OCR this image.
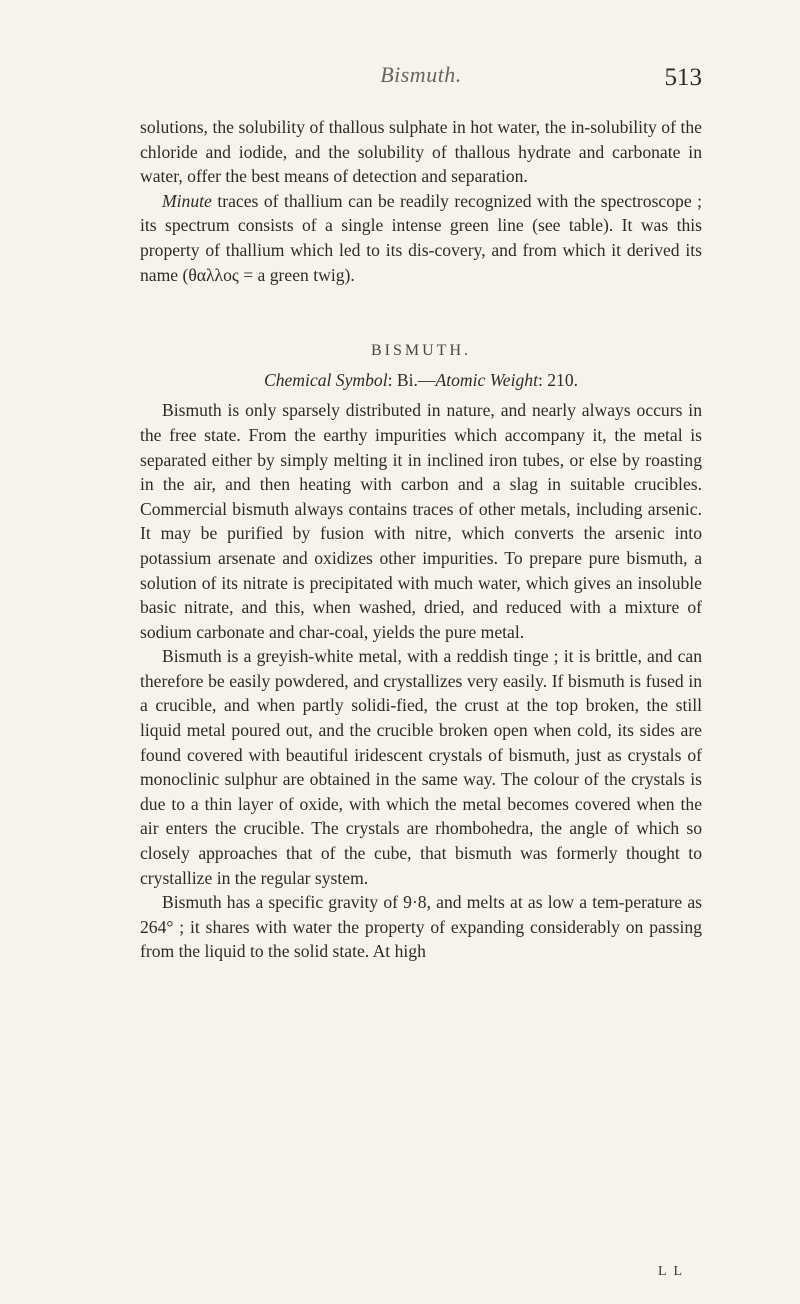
Bismuth.	513

solutions, the solubility of thallous sulphate in hot water, the in-solubility of the chloride and iodide, and the solubility of thallous hydrate and carbonate in water, offer the best means of detection and separation.

Minute traces of thallium can be readily recognized with the spectroscope ; its spectrum consists of a single intense green line (see table). It was this property of thallium which led to its dis-covery, and from which it derived its name (θαλλος = a green twig).

BISMUTH.
Chemical Symbol: Bi.—Atomic Weight: 210.

Bismuth is only sparsely distributed in nature, and nearly always occurs in the free state. From the earthy impurities which accompany it, the metal is separated either by simply melting it in inclined iron tubes, or else by roasting in the air, and then heating with carbon and a slag in suitable crucibles. Commercial bismuth always contains traces of other metals, including arsenic. It may be purified by fusion with nitre, which converts the arsenic into potassium arsenate and oxidizes other impurities. To prepare pure bismuth, a solution of its nitrate is precipitated with much water, which gives an insoluble basic nitrate, and this, when washed, dried, and reduced with a mixture of sodium carbonate and char-coal, yields the pure metal.

Bismuth is a greyish-white metal, with a reddish tinge ; it is brittle, and can therefore be easily powdered, and crystallizes very easily. If bismuth is fused in a crucible, and when partly solidi-fied, the crust at the top broken, the still liquid metal poured out, and the crucible broken open when cold, its sides are found covered with beautiful iridescent crystals of bismuth, just as crystals of monoclinic sulphur are obtained in the same way. The colour of the crystals is due to a thin layer of oxide, with which the metal becomes covered when the air enters the crucible. The crystals are rhombohedra, the angle of which so closely approaches that of the cube, that bismuth was formerly thought to crystallize in the regular system.

Bismuth has a specific gravity of 9·8, and melts at as low a tem-perature as 264° ; it shares with water the property of expanding considerably on passing from the liquid to the solid state. At high

L L
